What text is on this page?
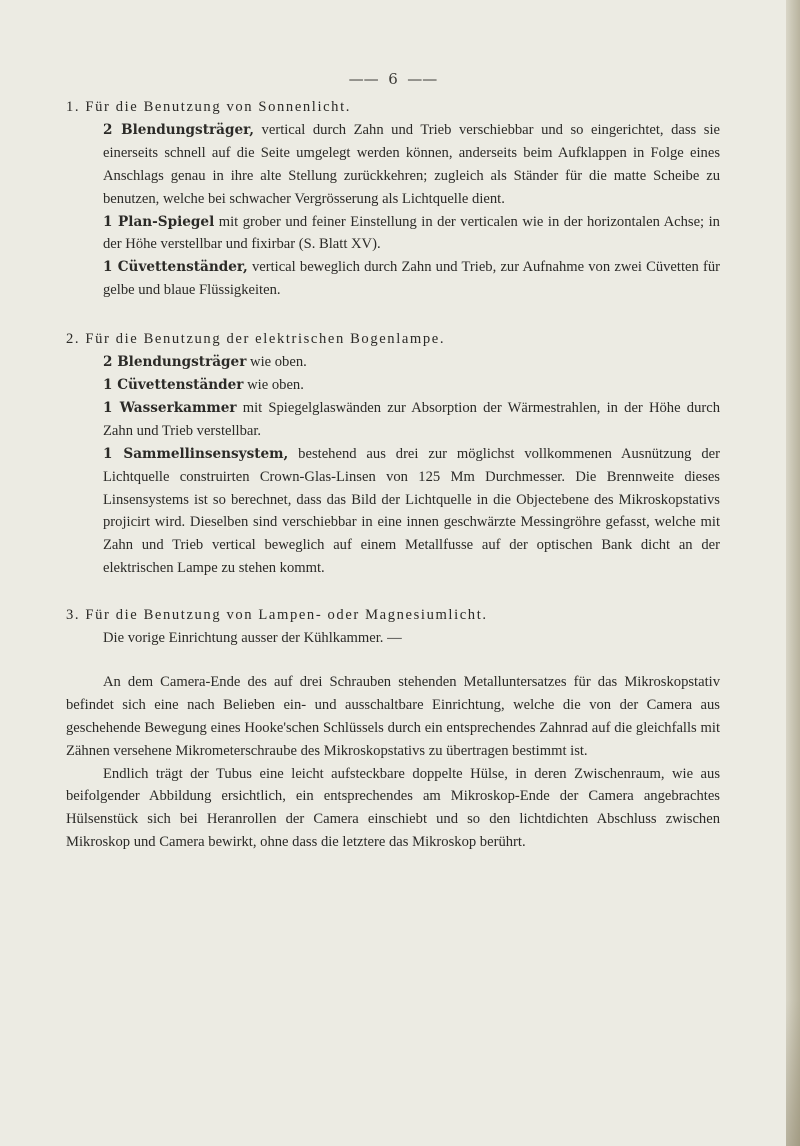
——  6  ——

1. Für die Benutzung von Sonnenlicht.

2 Blendungsträger, vertical durch Zahn und Trieb verschiebbar und so eingerichtet, dass sie einerseits schnell auf die Seite umgelegt werden können, anderseits beim Aufklappen in Folge eines Anschlags genau in ihre alte Stellung zurückkehren; zugleich als Ständer für die matte Scheibe zu benutzen, welche bei schwacher Vergrösserung als Lichtquelle dient.

1 Plan-Spiegel mit grober und feiner Einstellung in der verticalen wie in der horizontalen Achse; in der Höhe verstellbar und fixirbar (S. Blatt XV).

1 Cüvettenständer, vertical beweglich durch Zahn und Trieb, zur Aufnahme von zwei Cüvetten für gelbe und blaue Flüssigkeiten.

2. Für die Benutzung der elektrischen Bogenlampe.

2 Blendungsträger wie oben.

1 Cüvettenständer wie oben.

1 Wasserkammer mit Spiegelglaswänden zur Absorption der Wärmestrahlen, in der Höhe durch Zahn und Trieb verstellbar.

1 Sammellinsensystem, bestehend aus drei zur möglichst vollkommenen Ausnützung der Lichtquelle construirten Crown-Glas-Linsen von 125 Mm Durchmesser. Die Brennweite dieses Linsensystems ist so berechnet, dass das Bild der Lichtquelle in die Objectebene des Mikroskopstativs projicirt wird. Dieselben sind verschiebbar in eine innen geschwärzte Messingröhre gefasst, welche mit Zahn und Trieb vertical beweglich auf einem Metallfusse auf der optischen Bank dicht an der elektrischen Lampe zu stehen kommt.

3. Für die Benutzung von Lampen- oder Magnesiumlicht.

Die vorige Einrichtung ausser der Kühlkammer. —

An dem Camera-Ende des auf drei Schrauben stehenden Metalluntersatzes für das Mikroskopstativ befindet sich eine nach Belieben ein- und ausschaltbare Einrichtung, welche die von der Camera aus geschehende Bewegung eines Hooke'schen Schlüssels durch ein entsprechendes Zahnrad auf die gleichfalls mit Zähnen versehene Mikrometerschraube des Mikroskopstativs zu übertragen bestimmt ist.

Endlich trägt der Tubus eine leicht aufsteckbare doppelte Hülse, in deren Zwischenraum, wie aus beifolgender Abbildung ersichtlich, ein entsprechendes am Mikroskop-Ende der Camera angebrachtes Hülsenstück sich bei Heranrollen der Camera einschiebt und so den lichtdichten Abschluss zwischen Mikroskop und Camera bewirkt, ohne dass die letztere das Mikroskop berührt.
